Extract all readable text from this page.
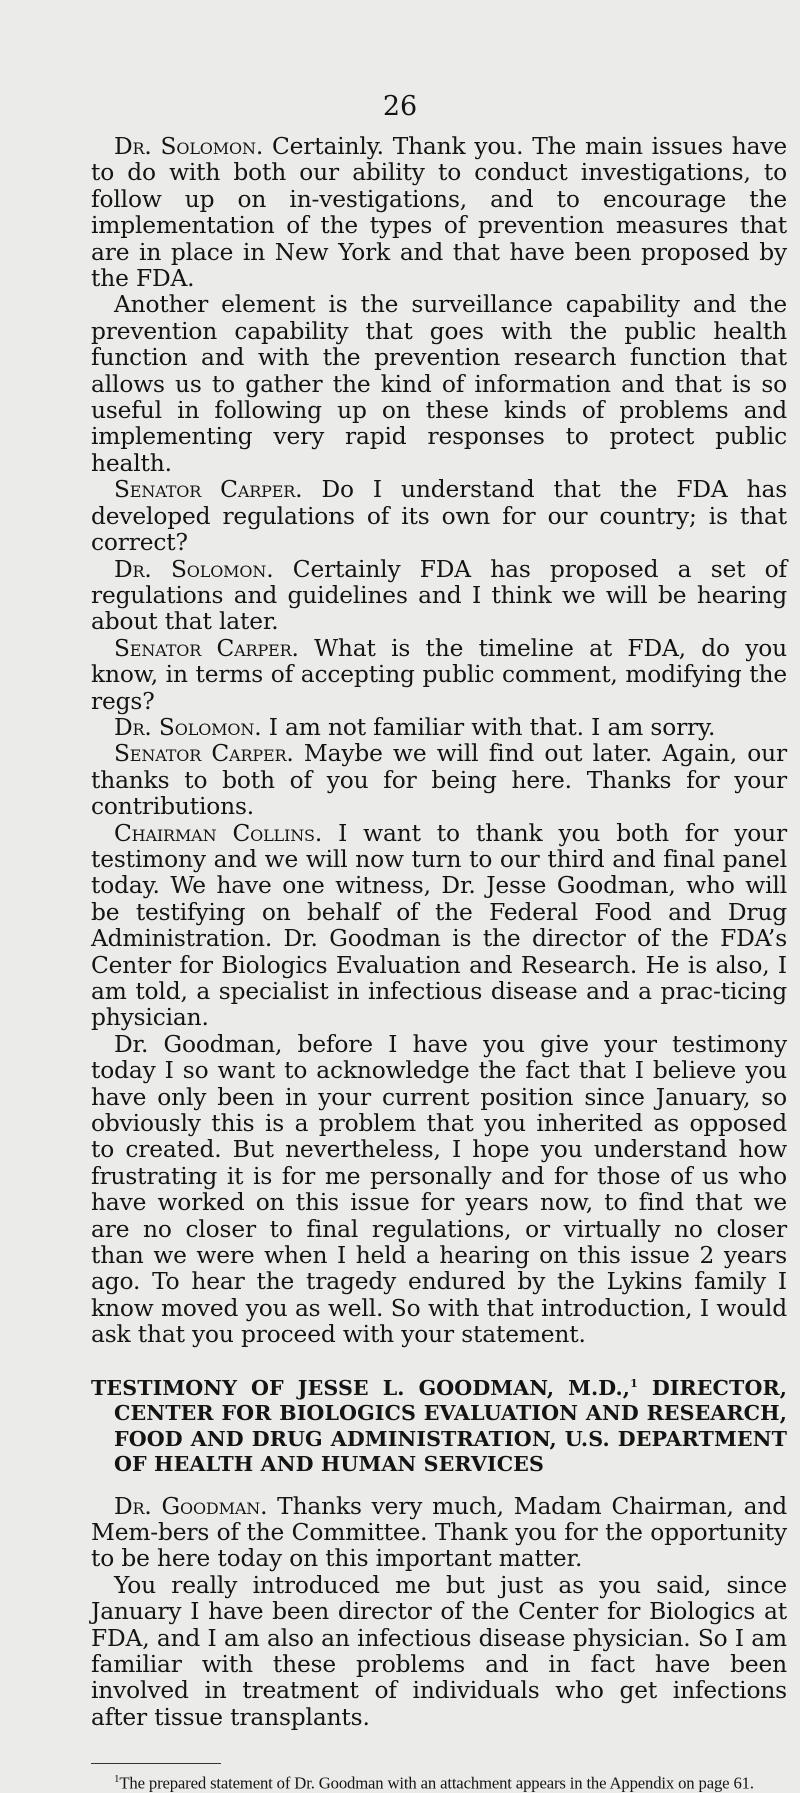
26

Dr. Solomon. Certainly. Thank you. The main issues have to do with both our ability to conduct investigations, to follow up on in-vestigations, and to encourage the implementation of the types of prevention measures that are in place in New York and that have been proposed by the FDA.

Another element is the surveillance capability and the prevention capability that goes with the public health function and with the prevention research function that allows us to gather the kind of information and that is so useful in following up on these kinds of problems and implementing very rapid responses to protect public health.

Senator Carper. Do I understand that the FDA has developed regulations of its own for our country; is that correct?

Dr. Solomon. Certainly FDA has proposed a set of regulations and guidelines and I think we will be hearing about that later.

Senator Carper. What is the timeline at FDA, do you know, in terms of accepting public comment, modifying the regs?

Dr. Solomon. I am not familiar with that. I am sorry.

Senator Carper. Maybe we will find out later. Again, our thanks to both of you for being here. Thanks for your contributions.

Chairman Collins. I want to thank you both for your testimony and we will now turn to our third and final panel today. We have one witness, Dr. Jesse Goodman, who will be testifying on behalf of the Federal Food and Drug Administration. Dr. Goodman is the director of the FDA’s Center for Biologics Evaluation and Research. He is also, I am told, a specialist in infectious disease and a prac-ticing physician.

Dr. Goodman, before I have you give your testimony today I so want to acknowledge the fact that I believe you have only been in your current position since January, so obviously this is a problem that you inherited as opposed to created. But nevertheless, I hope you understand how frustrating it is for me personally and for those of us who have worked on this issue for years now, to find that we are no closer to final regulations, or virtually no closer than we were when I held a hearing on this issue 2 years ago. To hear the tragedy endured by the Lykins family I know moved you as well. So with that introduction, I would ask that you proceed with your statement.

TESTIMONY OF JESSE L. GOODMAN, M.D.,$^1$ DIRECTOR, CENTER FOR BIOLOGICS EVALUATION AND RESEARCH, FOOD AND DRUG ADMINISTRATION, U.S. DEPARTMENT OF HEALTH AND HUMAN SERVICES

Dr. Goodman. Thanks very much, Madam Chairman, and Mem-bers of the Committee. Thank you for the opportunity to be here today on this important matter.

You really introduced me but just as you said, since January I have been director of the Center for Biologics at FDA, and I am also an infectious disease physician. So I am familiar with these problems and in fact have been involved in treatment of individuals who get infections after tissue transplants.

$^1$The prepared statement of Dr. Goodman with an attachment appears in the Appendix on page 61.
